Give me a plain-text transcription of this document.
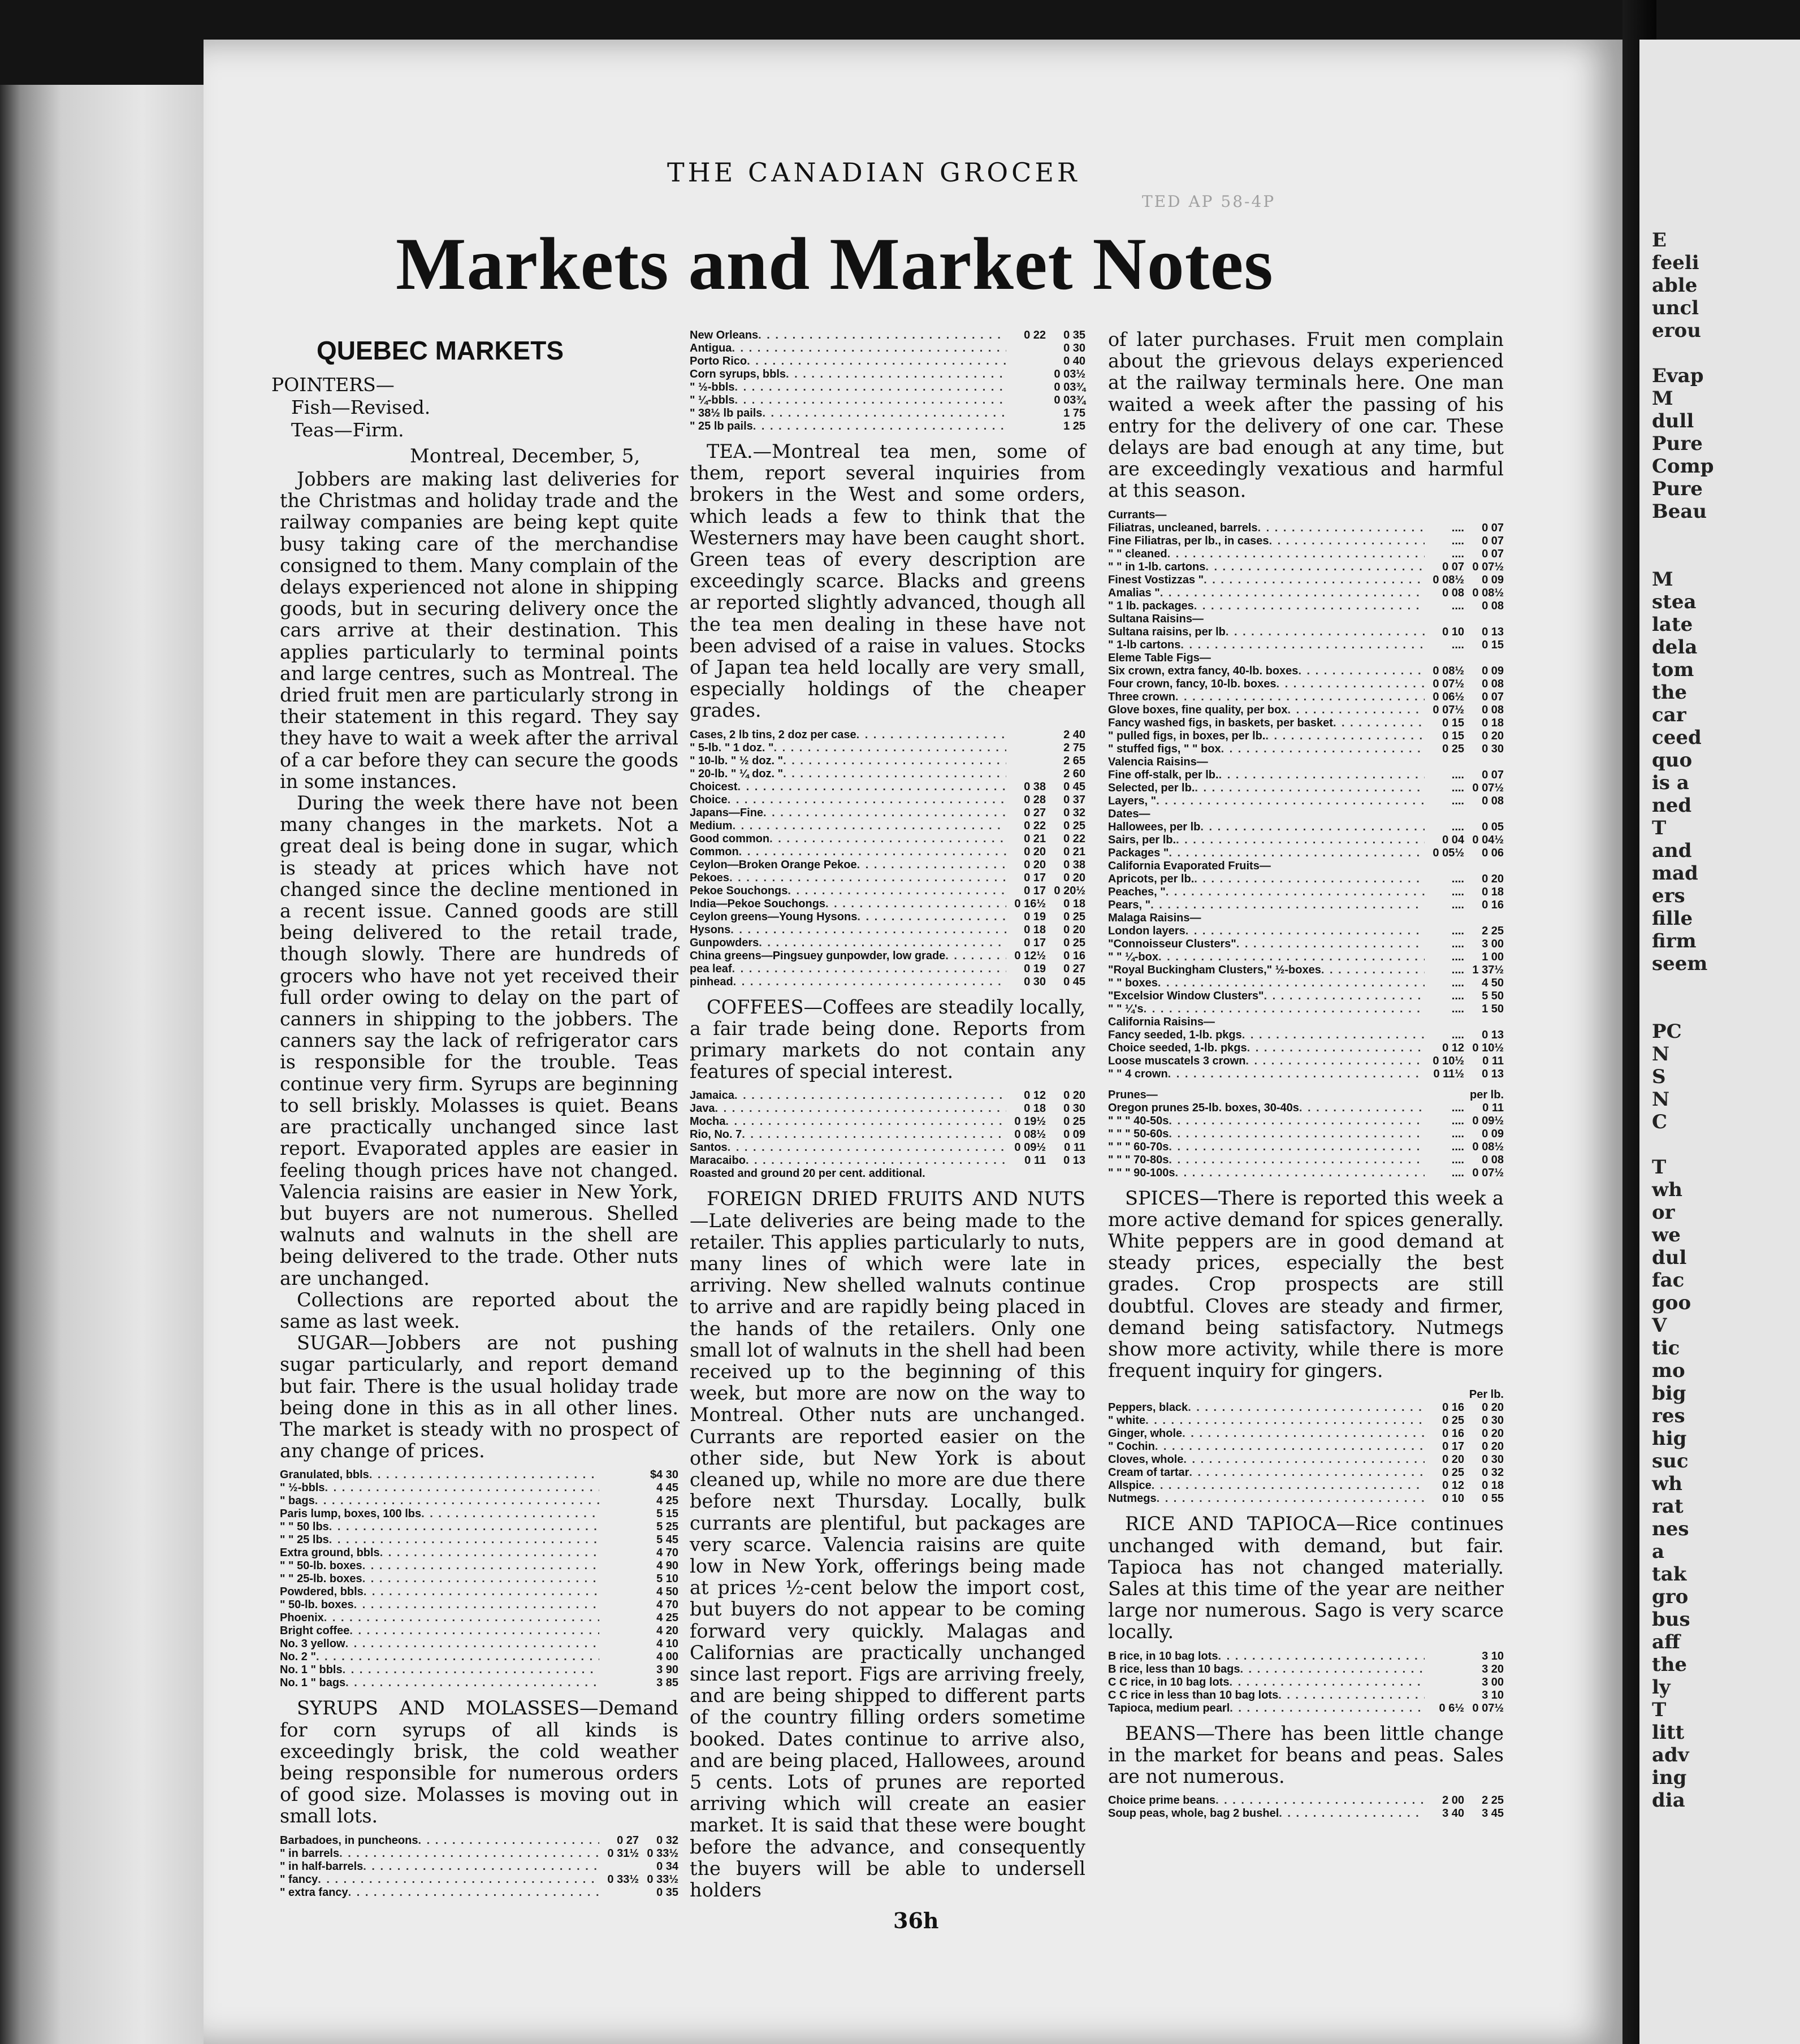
E
feeli
able
uncl
erou

Evap
M
dull
Pure
Comp
Pure
Beau

M
stea
late
dela
tom
the
car
ceed
quo
is a
ned
T
and
mad
ers
fille
firm
seem

PC
N
S
N
C

T
wh
or
we
dul
fac
goo
V
tic
mo
big
res
hig
suc
wh
rat
nes
a
tak
gro
bus
aff
the
ly
T
litt
adv
ing
dia
THE CANADIAN GROCER
TED AP 58-4P
Markets and Market Notes
QUEBEC MARKETS
POINTERS—
Fish—Revised.
Teas—Firm.
Montreal, December, 5,
Jobbers are making last deliveries for the Christmas and holiday trade and the railway companies are being kept quite busy taking care of the merchandise consigned to them. Many complain of the delays experienced not alone in shipping goods, but in securing delivery once the cars arrive at their destination. This applies particularly to terminal points and large centres, such as Montreal. The dried fruit men are particularly strong in their statement in this regard. They say they have to wait a week after the arrival of a car before they can secure the goods in some instances.
During the week there have not been many changes in the markets. Not a great deal is being done in sugar, which is steady at prices which have not changed since the decline mentioned in a recent issue. Canned goods are still being delivered to the retail trade, though slowly. There are hundreds of grocers who have not yet received their full order owing to delay on the part of canners in shipping to the jobbers. The canners say the lack of refrigerator cars is responsible for the trouble. Teas continue very firm. Syrups are beginning to sell briskly. Molasses is quiet. Beans are practically unchanged since last report. Evaporated apples are easier in feeling though prices have not changed. Valencia raisins are easier in New York, but buyers are not numerous. Shelled walnuts and walnuts in the shell are being delivered to the trade. Other nuts are unchanged.
Collections are reported about the same as last week.
SUGAR—Jobbers are not pushing sugar particularly, and report demand but fair. There is the usual holiday trade being done in this as in all other lines. The market is steady with no prospect of any change of prices.
Granulated, bbls . . .	$4 30
" ½-bbls . . .	4 45
" bags . . .	4 25
Paris lump, boxes, 100 lbs . . .	5 15
" " 50 lbs . . .	5 25
" " 25 lbs . . .	5 45
Extra ground, bbls . . .	4 70
" " 50-lb. boxes . . .	4 90
" " 25-lb. boxes . . .	5 10
Powdered, bbls . . .	4 50
" 50-lb. boxes . . .	4 70
Phoenix . . .	4 25
Bright coffee . . .	4 20
No. 3 yellow . . .	4 10
No. 2 " . . .	4 00
No. 1 " bbls . . .	3 90
No. 1 " bags . . .	3 85
SYRUPS AND MOLASSES—Demand for corn syrups of all kinds is exceedingly brisk, the cold weather being responsible for numerous orders of good size. Molasses is moving out in small lots.
Barbadoes, in puncheons . . .	0 27	0 32
" in barrels . . .	0 31½ 0 33½
" in half-barrels . . .	0 34
" fancy . . .	0 33½ 0 33½
" extra fancy . . .	0 35
New Orleans . . .	0 22	0 35
Antigua . . .	0 30
Porto Rico . . .	0 40
Corn syrups, bbls . . .	0 03½
" ½-bbls . . .	0 03¾
" ¼-bbls . . .	0 03¾
" 38½ lb pails . . .	1 75
" 25 lb pails . . .	1 25
TEA.—Montreal tea men, some of them, report several inquiries from brokers in the West and some orders, which leads a few to think that the Westerners may have been caught short. Green teas of every description are exceedingly scarce. Blacks and greens ar reported slightly advanced, though all the tea men dealing in these have not been advised of a raise in values. Stocks of Japan tea held locally are very small, especially holdings of the cheaper grades.
Cases, 2 lb tins, 2 doz per case . . .	2 40
" 5-lb. " 1 doz. " . . .	2 75
" 10-lb. " ½ doz. " . . .	2 65
" 20-lb. " ¼ doz. " . . .	2 60
Choicest . . .	0 38	0 45
Choice . . .	0 28	0 37
Japans—Fine . . .	0 27	0 32
Medium . . .	0 22	0 25
Good common . . .	0 21	0 22
Common . . .	0 20	0 21
Ceylon—Broken Orange Pekoe . . .	0 20	0 38
Pekoes . . .	0 17	0 20
Pekoe Souchongs . . .	0 17 0 20½
India—Pekoe Souchongs . . .	0 16½	0 18
Ceylon greens—Young Hysons . . .	0 19	0 25
Hysons . . .	0 18	0 20
Gunpowders . . .	0 17	0 25
China greens—Pingsuey gunpowder, low grade . . .	0 12½	0 16
pea leaf . . .	0 19	0 27
pinhead . . .	0 30	0 45
COFFEES—Coffees are steadily locally, a fair trade being done. Reports from primary markets do not contain any features of special interest.
Jamaica . . .	0 12	0 20
Java . . .	0 18	0 30
Mocha . . .	0 19½	0 25
Rio, No. 7 . . .	0 08½	0 09
Santos . . .	0 09½	0 11
Maracaibo . . .	0 11	0 13
Roasted and ground 20 per cent. additional.
FOREIGN DRIED FRUITS AND NUTS—Late deliveries are being made to the retailer. This applies particularly to nuts, many lines of which were late in arriving. New shelled walnuts continue to arrive and are rapidly being placed in the hands of the retailers. Only one small lot of walnuts in the shell had been received up to the beginning of this week, but more are now on the way to Montreal. Other nuts are unchanged. Currants are reported easier on the other side, but New York is about cleaned up, while no more are due there before next Thursday. Locally, bulk currants are plentiful, but packages are very scarce. Valencia raisins are quite low in New York, offerings being made at prices ½-cent below the import cost, but buyers do not appear to be coming forward very quickly. Malagas and Californias are practically unchanged since last report. Figs are arriving freely, and are being shipped to different parts of the country filling orders sometime booked. Dates continue to arrive also, and are being placed, Hallowees, around 5 cents. Lots of prunes are reported arriving which will create an easier market. It is said that these were bought before the advance, and consequently the buyers will be able to undersell holders
of later purchases. Fruit men complain about the grievous delays experienced at the railway terminals here. One man waited a week after the passing of his entry for the delivery of one car. These delays are bad enough at any time, but are exceedingly vexatious and harmful at this season.
Currants—
Filiatras, uncleaned, barrels . . .	....	0 07
Fine Filiatras, per lb., in cases . . .	....	0 07
" " cleaned . . .	....	0 07
" " in 1-lb. cartons . . .	0 07 0 07½
Finest Vostizzas " . . .	0 08½	0 09
Amalias " . . .	0 08 0 08½
" 1 lb. packages . . .	....	0 08
Sultana Raisins—
Sultana raisins, per lb . . .	0 10	0 13
" 1-lb cartons . . .	....	0 15
Eleme Table Figs—
Six crown, extra fancy, 40-lb. boxes . . .	0 08½	0 09
Four crown, fancy, 10-lb. boxes . . .	0 07½	0 08
Three crown . . .	0 06½	0 07
Glove boxes, fine quality, per box . . .	0 07½	0 08
Fancy washed figs, in baskets, per basket . . .	0 15	0 18
" pulled figs, in boxes, per lb. . . .	0 15	0 20
" stuffed figs, " " box . . .	0 25	0 30
Valencia Raisins—
Fine off-stalk, per lb. . . .	....	0 07
Selected, per lb. . . .	.... 0 07½
Layers, " . . .	....	0 08
Dates—
Hallowees, per lb . . .	....	0 05
Sairs, per lb. . . .	0 04 0 04½
Packages " . . .	0 05½	0 06
California Evaporated Fruits—
Apricots, per lb. . . .	....	0 20
Peaches, " . . .	....	0 18
Pears, " . . .	....	0 16
Malaga Raisins—
London layers . . .	....	2 25
"Connoisseur Clusters" . . .	....	3 00
" " ¼-box . . .	....	1 00
"Royal Buckingham Clusters," ½-boxes . . .	.... 1 37½
" " boxes . . .	....	4 50
"Excelsior Window Clusters" . . .	....	5 50
" " ¼'s . . .	....	1 50
California Raisins—
Fancy seeded, 1-lb. pkgs . . .	....	0 13
Choice seeded, 1-lb. pkgs . . .	0 12 0 10½
Loose muscatels 3 crown . . .	0 10½	0 11
" " 4 crown . . .	0 11½	0 13
Prunes—	per lb.
Oregon prunes 25-lb. boxes, 30-40s . . .	....	0 11
" " " 40-50s . . .	.... 0 09½
" " " 50-60s . . .	....	0 09
" " " 60-70s . . .	.... 0 08½
" " " 70-80s . . .	....	0 08
" " " 90-100s . . .	.... 0 07½
SPICES—There is reported this week a more active demand for spices generally. White peppers are in good demand at steady prices, especially the best grades. Crop prospects are still doubtful. Cloves are steady and firmer, demand being satisfactory. Nutmegs show more activity, while there is more frequent inquiry for gingers.
Per lb.
Peppers, black . . .	0 16	0 20
" white . . .	0 25	0 30
Ginger, whole . . .	0 16	0 20
" Cochin . . .	0 17	0 20
Cloves, whole . . .	0 20	0 30
Cream of tartar . . .	0 25	0 32
Allspice . . .	0 12	0 18
Nutmegs . . .	0 10	0 55
RICE AND TAPIOCA—Rice continues unchanged with demand, but fair. Tapioca has not changed materially. Sales at this time of the year are neither large nor numerous. Sago is very scarce locally.
B rice, in 10 bag lots . . .	3 10
B rice, less than 10 bags . . .	3 20
C C rice, in 10 bag lots . . .	3 00
C C rice in less than 10 bag lots . . .	3 10
Tapioca, medium pearl . . .	0 6½ 0 07½
BEANS—There has been little change in the market for beans and peas. Sales are not numerous.
Choice prime beans . . .	2 00	2 25
Soup peas, whole, bag 2 bushel . . .	3 40	3 45
36h
